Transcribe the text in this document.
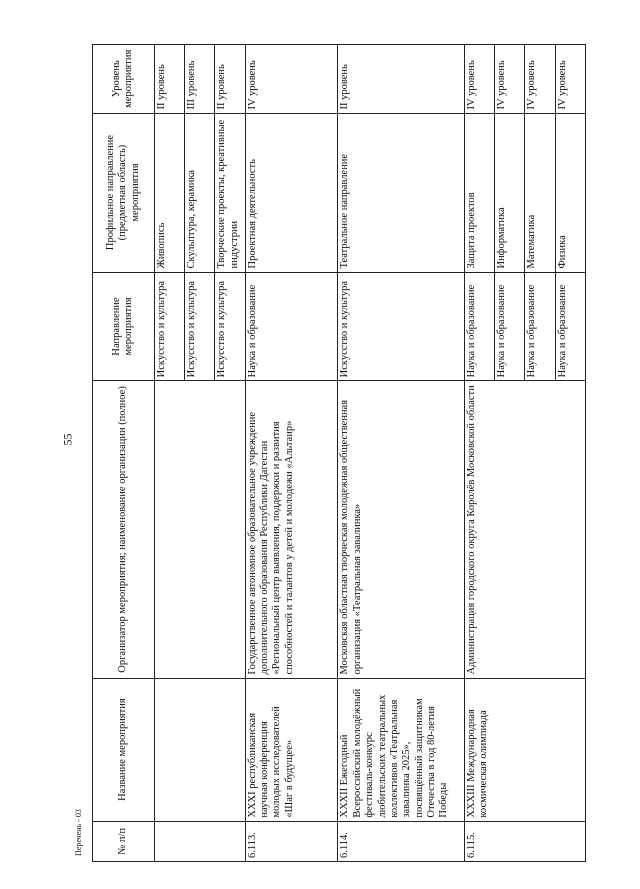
55
Перечень - 03	№ п/п	Название мероприятия	Организатор мероприятия; наименование организации (полное)	Направление мероприятия	Профильное направление (предметная область) мероприятия	Уровень мероприятия
			Искусство и культура	Живопись	II уровень
			Искусство и культура	Скульптура, керамика	III уровень
			Искусство и культура	Творческие проекты, креативные индустрии	II уровень
6.113.	XXXI республиканская научная конференция молодых исследователей «Шаг в будущее»	Государственное автономное образовательное учреждение дополнительного образования Республики Дагестан «Региональный центр выявления, поддержки и развития способностей и талантов у детей и молодежи «Альтаир»	Наука и образование	Проектная деятельность	IV уровень
6.114.	XXXII Ежегодный Всероссийский молодёжный фестиваль-конкурс любительских театральных коллективов «Театральная завалинка 2025», посвящённый защитникам Отечества в год 80-летия Победы	Московская областная творческая молодежная общественная организация «Театральная завалинка»	Искусство и культура	Театральное направление	II уровень
6.115.	XXXIII Международная космическая олимпиада	Администрация городского округа Королёв Московской области	Наука и образование	Защита проектов	IV уровень
			Наука и образование	Информатика	IV уровень
			Наука и образование	Математика	IV уровень
			Наука и образование	Физика	IV уровень
